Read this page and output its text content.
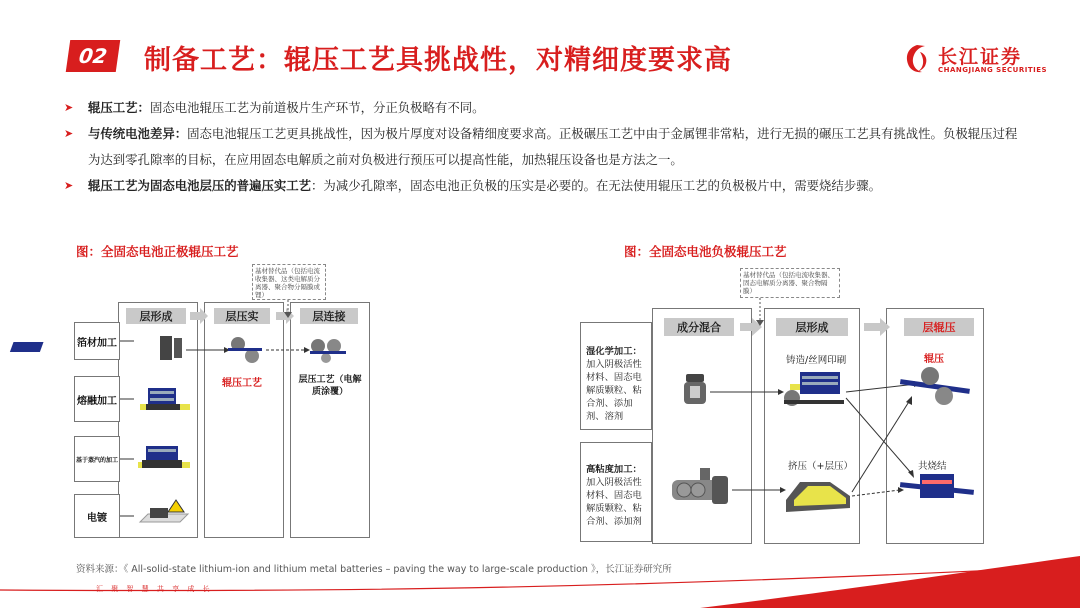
02 制备工艺：辊压工艺具挑战性，对精细度要求高	长江证券
CHANGJIANG SECURITIES
➤ 辊压工艺：固态电池辊压工艺为前道极片生产环节，分正负极略有不同。
➤ 与传统电池差异：固态电池辊压工艺更具挑战性，因为极片厚度对设备精细度要求高。正极碾压工艺中由于金属锂非常粘，进行无损的碾压工艺具有挑战性。负极辊压过程为达到零孔隙率的目标，在应用固态电解质之前对负极进行预压可以提高性能，加热辊压设备也是方法之一。
➤ 辊压工艺为固态电池层压的普遍压实工艺：为减少孔隙率，固态电池正负极的压实是必要的。在无法使用辊压工艺的负极极片中，需要烧结步骤。
图：全固态电池正极辊压工艺
基材替代品（包括电流收集器、这类电解质分离器、聚合物分隔膜或锂）
层形成	层压实	层连接
箔材加工
熔融加工
基于蒸汽的加工
电镀
辊压工艺	层压工艺（电解质涂覆）
图：全固态电池负极辊压工艺
基材替代品（包括电流收集器、固态电解质分离器、聚合物隔膜）
成分混合	层形成	层辊压
湿化学加工：加入阴极活性材料、固态电解质颗粒、粘合剂、添加剂、溶剂
高粘度加工：加入阴极活性材料、固态电解质颗粒、粘合剂、添加剂
铸造/丝网印刷
挤压（+层压）
辊压
共烧结
资料来源：《 All-solid-state lithium-ion and lithium metal batteries – paving the way to large-scale production 》，长江证券研究所
汇 聚 智 慧 共 享 成 长
